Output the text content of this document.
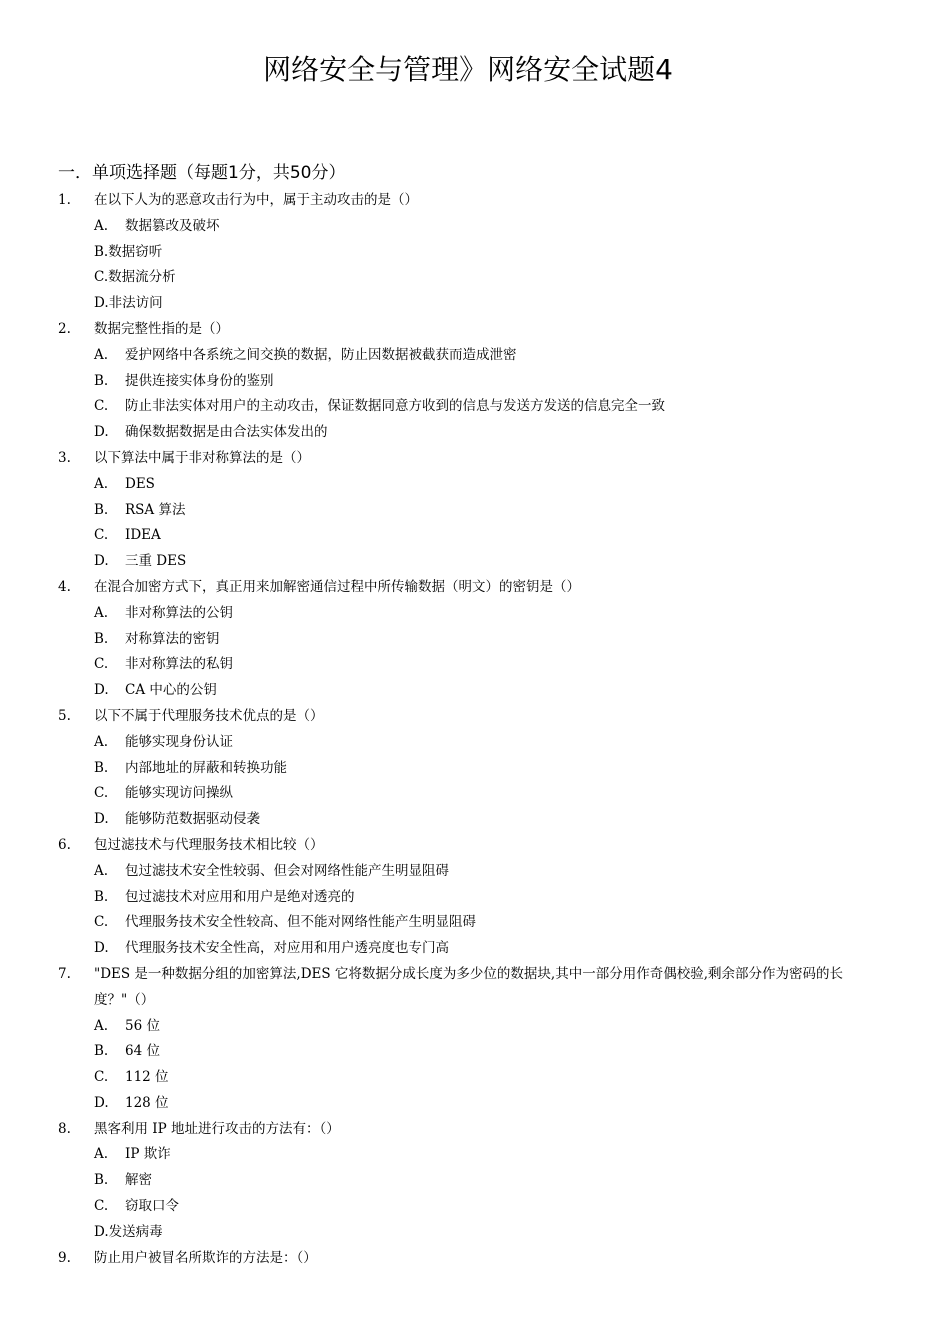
网络安全与管理》网络安全试题4
一．单项选择题（每题1分，共50分）
1. 在以下人为的恶意攻击行为中，属于主动攻击的是（）
A. 数据篡改及破坏
B.数据窃听
C.数据流分析
D.非法访问
2. 数据完整性指的是（）
A. 爱护网络中各系统之间交换的数据，防止因数据被截获而造成泄密
B. 提供连接实体身份的鉴别
C. 防止非法实体对用户的主动攻击，保证数据同意方收到的信息与发送方发送的信息完全一致
D. 确保数据数据是由合法实体发出的
3. 以下算法中属于非对称算法的是（）
A. DES
B. RSA 算法
C. IDEA
D. 三重 DES
4. 在混合加密方式下，真正用来加解密通信过程中所传输数据（明文）的密钥是（）
A. 非对称算法的公钥
B. 对称算法的密钥
C. 非对称算法的私钥
D. CA 中心的公钥
5. 以下不属于代理服务技术优点的是（）
A. 能够实现身份认证
B. 内部地址的屏蔽和转换功能
C. 能够实现访问操纵
D. 能够防范数据驱动侵袭
6. 包过滤技术与代理服务技术相比较（）
A. 包过滤技术安全性较弱、但会对网络性能产生明显阻碍
B. 包过滤技术对应用和用户是绝对透亮的
C. 代理服务技术安全性较高、但不能对网络性能产生明显阻碍
D. 代理服务技术安全性高，对应用和用户透亮度也专门高
7. "DES 是一种数据分组的加密算法,DES 它将数据分成长度为多少位的数据块,其中一部分用作奇偶校验,剩余部分作为密码的长度？"（）
A. 56 位
B. 64 位
C. 112 位
D. 128 位
8. 黑客利用 IP 地址进行攻击的方法有：（）
A. IP 欺诈
B. 解密
C. 窃取口令
D.发送病毒
9. 防止用户被冒名所欺诈的方法是：（）
